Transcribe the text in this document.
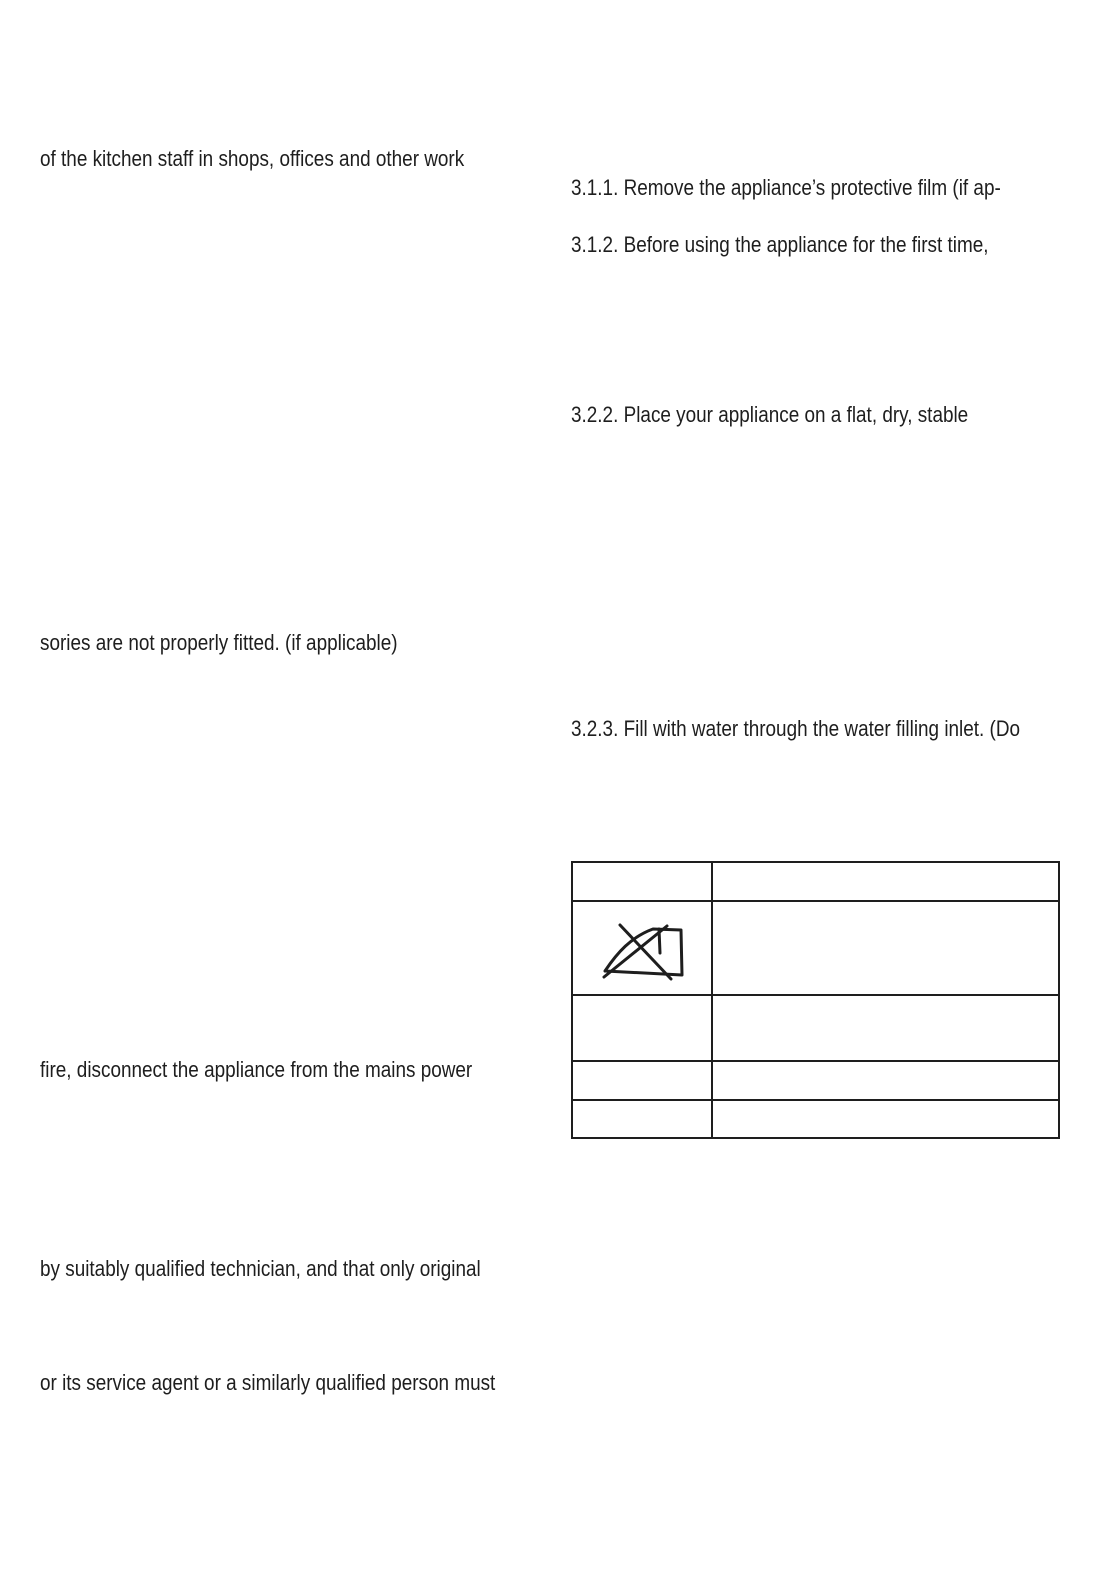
of the kitchen staff in shops, offices and other work
sories are not properly fitted. (if applicable)
fire, disconnect the appliance from the mains power
by suitably qualified technician, and that only original
or its service agent or a similarly qualified person must
3.1.1. Remove the appliance’s protective film (if ap-
3.1.2. Before using the appliance for the first time,
3.2.2. Place your appliance on a flat, dry, stable
3.2.3. Fill with water through the water filling inlet. (Do
